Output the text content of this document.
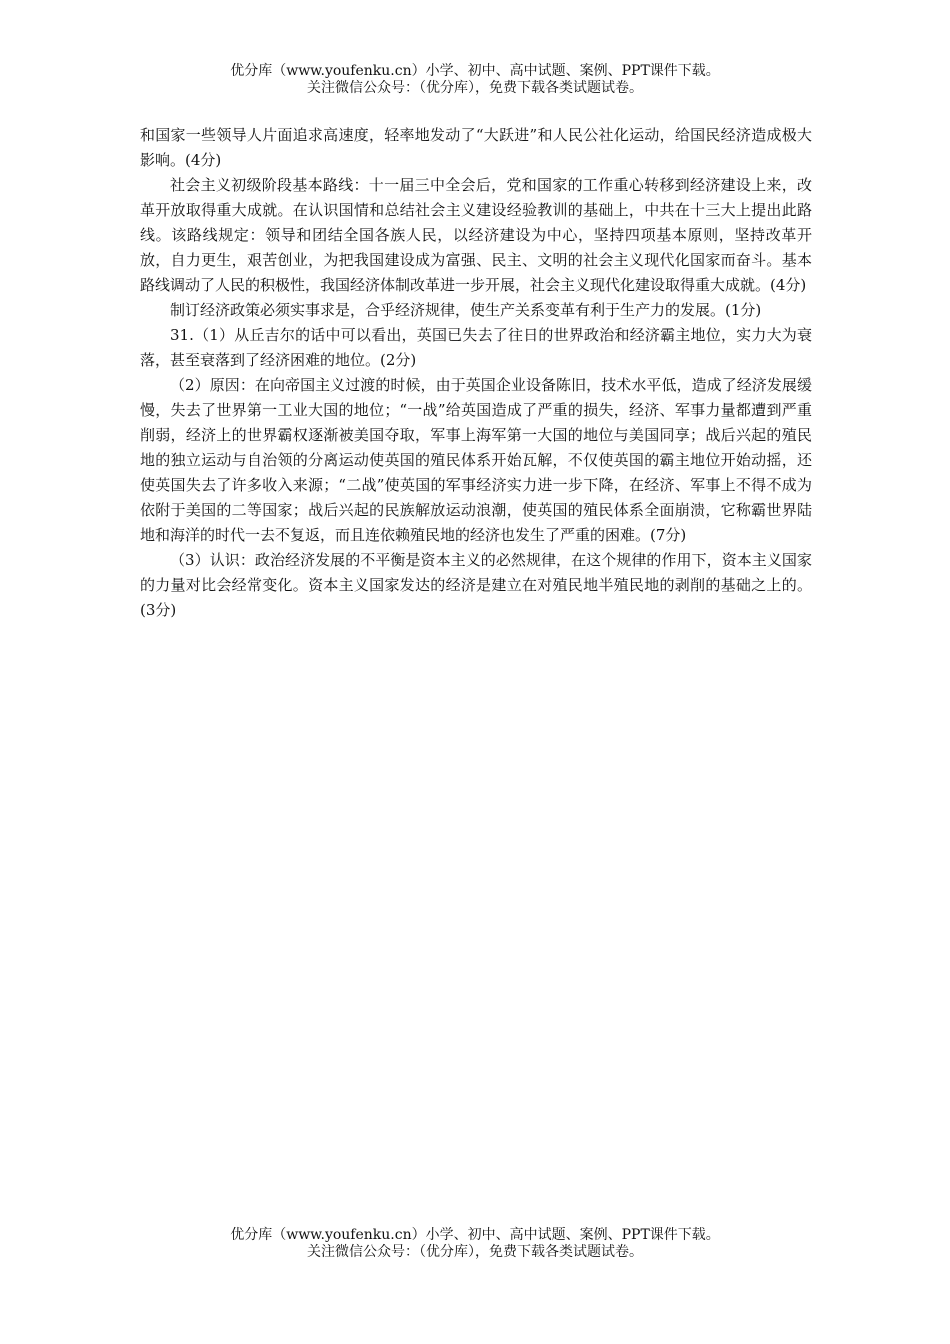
优分库（www.youfenku.cn）小学、初中、高中试题、案例、PPT课件下载。
关注微信公众号：（优分库），免费下载各类试题试卷。

和国家一些领导人片面追求高速度，轻率地发动了“大跃进”和人民公社化运动，给国民经济造成极大影响。(4分)

社会主义初级阶段基本路线：十一届三中全会后，党和国家的工作重心转移到经济建设上来，改革开放取得重大成就。在认识国情和总结社会主义建设经验教训的基础上，中共在十三大上提出此路线。该路线规定：领导和团结全国各族人民，以经济建设为中心，坚持四项基本原则，坚持改革开放，自力更生，艰苦创业，为把我国建设成为富强、民主、文明的社会主义现代化国家而奋斗。基本路线调动了人民的积极性，我国经济体制改革进一步开展，社会主义现代化建设取得重大成就。(4分)

制订经济政策必须实事求是，合乎经济规律，使生产关系变革有利于生产力的发展。(1分)

31.（1）从丘吉尔的话中可以看出，英国已失去了往日的世界政治和经济霸主地位，实力大为衰落，甚至衰落到了经济困难的地位。(2分)

（2）原因：在向帝国主义过渡的时候，由于英国企业设备陈旧，技术水平低，造成了经济发展缓慢，失去了世界第一工业大国的地位；“一战”给英国造成了严重的损失，经济、军事力量都遭到严重削弱，经济上的世界霸权逐渐被美国夺取，军事上海军第一大国的地位与美国同享；战后兴起的殖民地的独立运动与自治领的分离运动使英国的殖民体系开始瓦解，不仅使英国的霸主地位开始动摇，还使英国失去了许多收入来源；“二战”使英国的军事经济实力进一步下降，在经济、军事上不得不成为依附于美国的二等国家；战后兴起的民族解放运动浪潮，使英国的殖民体系全面崩溃，它称霸世界陆地和海洋的时代一去不复返，而且连依赖殖民地的经济也发生了严重的困难。(7分)

（3）认识：政治经济发展的不平衡是资本主义的必然规律，在这个规律的作用下，资本主义国家的力量对比会经常变化。资本主义国家发达的经济是建立在对殖民地半殖民地的剥削的基础之上的。(3分)

优分库（www.youfenku.cn）小学、初中、高中试题、案例、PPT课件下载。
关注微信公众号：（优分库），免费下载各类试题试卷。
